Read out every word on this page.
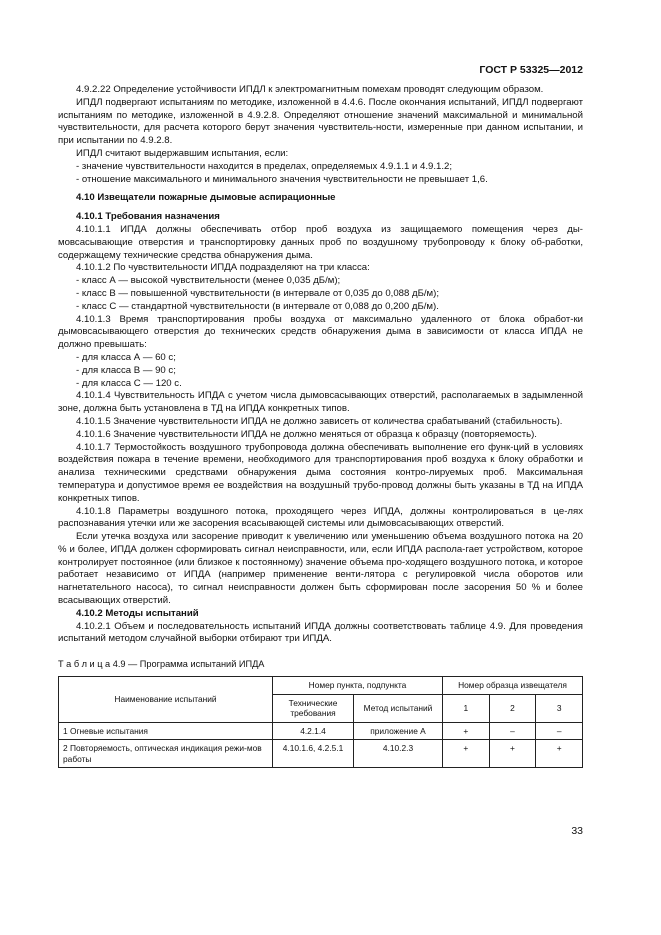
ГОСТ Р 53325—2012

4.9.2.22 Определение устойчивости ИПДЛ к электромагнитным помехам проводят следующим образом.

ИПДЛ подвергают испытаниям по методике, изложенной в 4.4.6. После окончания испытаний, ИПДЛ подвергают испытаниям по методике, изложенной в 4.9.2.8. Определяют отношение значений максимальной и минимальной чувствительности, для расчета которого берут значения чувствитель-ности, измеренные при данном испытании, и при испытании по 4.9.2.8.

ИПДЛ считают выдержавшим испытания, если:

- значение чувствительности находится в пределах, определяемых 4.9.1.1 и 4.9.1.2;

- отношение максимального и минимального значения чувствительности не превышает 1,6.

4.10 Извещатели пожарные дымовые аспирационные

4.10.1 Требования назначения

4.10.1.1 ИПДА должны обеспечивать отбор проб воздуха из защищаемого помещения через ды-мовсасывающие отверстия и транспортировку данных проб по воздушному трубопроводу к блоку об-работки, содержащему технические средства обнаружения дыма.

4.10.1.2 По чувствительности ИПДА подразделяют на три класса:

- класс А — высокой чувствительности (менее 0,035 дБ/м);

- класс В — повышенной чувствительности (в интервале от 0,035 до 0,088 дБ/м);

- класс С — стандартной чувствительности (в интервале от 0,088 до 0,200 дБ/м).

4.10.1.3 Время транспортирования пробы воздуха от максимально удаленного от блока обработ-ки дымовсасывающего отверстия до технических средств обнаружения дыма в зависимости от класса ИПДА не должно превышать:

- для класса А — 60 с;

- для класса В — 90 с;

- для класса С — 120 с.

4.10.1.4 Чувствительность ИПДА с учетом числа дымовсасывающих отверстий, располагаемых в задымленной зоне, должна быть установлена в ТД на ИПДА конкретных типов.

4.10.1.5 Значение чувствительности ИПДА не должно зависеть от количества срабатываний (стабильность).

4.10.1.6 Значение чувствительности ИПДА не должно меняться от образца к образцу (повторяемость).

4.10.1.7 Термостойкость воздушного трубопровода должна обеспечивать выполнение его функ-ций в условиях воздействия пожара в течение времени, необходимого для транспортирования проб воздуха к блоку обработки и анализа техническими средствами обнаружения дыма состояния контро-лируемых проб. Максимальная температура и допустимое время ее воздействия на воздушный трубо-провод должны быть указаны в ТД на ИПДА конкретных типов.

4.10.1.8 Параметры воздушного потока, проходящего через ИПДА, должны контролироваться в це-лях распознавания утечки или же засорения всасывающей системы или дымовсасывающих отверстий.

Если утечка воздуха или засорение приводит к увеличению или уменьшению объема воздушного потока на 20 % и более, ИПДА должен сформировать сигнал неисправности, или, если ИПДА распола-гает устройством, которое контролирует постоянное (или близкое к постоянному) значение объема про-ходящего воздушного потока, и которое работает независимо от ИПДА (например применение венти-лятора с регулировкой числа оборотов или нагнетательного насоса), то сигнал неисправности должен быть сформирован после засорения 50 % и более всасывающих отверстий.

4.10.2 Методы испытаний

4.10.2.1 Объем и последовательность испытаний ИПДА должны соответствовать таблице 4.9. Для проведения испытаний методом случайной выборки отбирают три ИПДА.

Т а б л и ц а 4.9 — Программа испытаний ИПДА
Наименование испытаний	Номер пункта, подпункта		Номер образца извещателя		
	Технические требования	Метод испытаний	1	2	3
1 Огневые испытания	4.2.1.4	приложение А	+	–	–
2 Повторяемость, оптическая индикация режи-мов работы	4.10.1.6, 4.2.5.1	4.10.2.3	+	+	+
33
